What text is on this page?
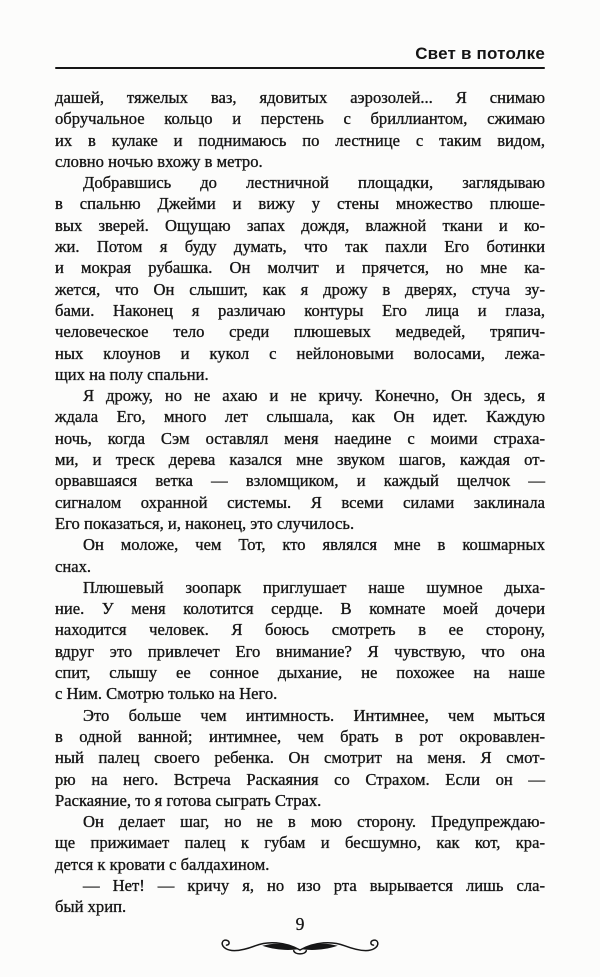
Свет в потолке
дашей, тяжелых ваз, ядовитых аэрозолей... Я снимаю
обручальное кольцо и перстень с бриллиантом, сжимаю
их в кулаке и поднимаюсь по лестнице с таким видом,
словно ночью вхожу в метро.
Добравшись до лестничной площадки, заглядываю
в спальню Джейми и вижу у стены множество плюше-
вых зверей. Ощущаю запах дождя, влажной ткани и ко-
жи. Потом я буду думать, что так пахли Его ботинки
и мокрая рубашка. Он молчит и прячется, но мне ка-
жется, что Он слышит, как я дрожу в дверях, стуча зу-
бами. Наконец я различаю контуры Его лица и глаза,
человеческое тело среди плюшевых медведей, тряпич-
ных клоунов и кукол с нейлоновыми волосами, лежа-
щих на полу спальни.
Я дрожу, но не ахаю и не кричу. Конечно, Он здесь, я
ждала Его, много лет слышала, как Он идет. Каждую
ночь, когда Сэм оставлял меня наедине с моими страха-
ми, и треск дерева казался мне звуком шагов, каждая от-
орвавшаяся ветка — взломщиком, и каждый щелчок —
сигналом охранной системы. Я всеми силами заклинала
Его показаться, и, наконец, это случилось.
Он моложе, чем Тот, кто являлся мне в кошмарных
снах.
Плюшевый зоопарк приглушает наше шумное дыха-
ние. У меня колотится сердце. В комнате моей дочери
находится человек. Я боюсь смотреть в ее сторону,
вдруг это привлечет Его внимание? Я чувствую, что она
спит, слышу ее сонное дыхание, не похожее на наше
с Ним. Смотрю только на Него.
Это больше чем интимность. Интимнее, чем мыться
в одной ванной; интимнее, чем брать в рот окровавлен-
ный палец своего ребенка. Он смотрит на меня. Я смот-
рю на него. Встреча Раскаяния со Страхом. Если он —
Раскаяние, то я готова сыграть Страх.
Он делает шаг, но не в мою сторону. Предупреждаю-
ще прижимает палец к губам и бесшумно, как кот, кра-
дется к кровати с балдахином.
— Нет! — кричу я, но изо рта вырывается лишь сла-
бый хрип.
9
